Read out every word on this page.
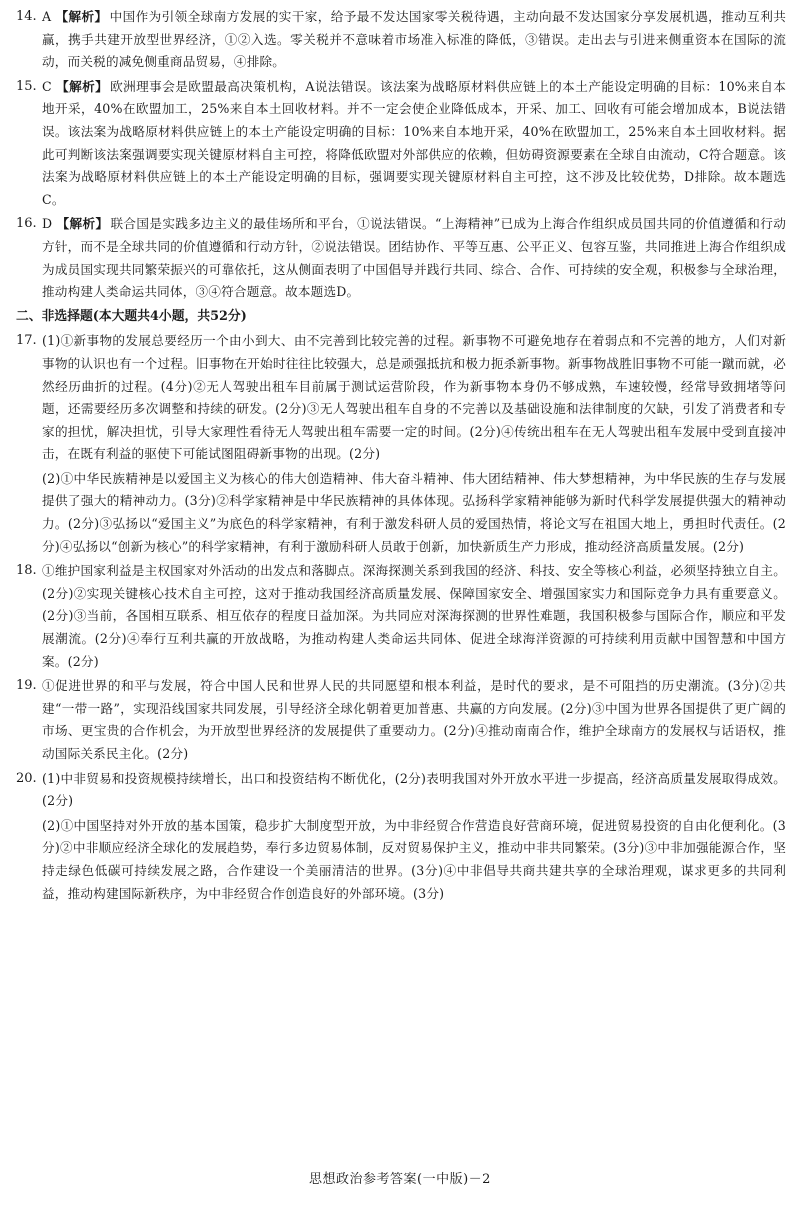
14. A 【解析】 中国作为引领全球南方发展的实干家，给予最不发达国家零关税待遇，主动向最不发达国家分享发展机遇，推动互利共赢，携手共建开放型世界经济，①②入选。零关税并不意味着市场准入标准的降低，③错误。走出去与引进来侧重资本在国际的流动，而关税的减免侧重商品贸易，④排除。
15. C 【解析】 欧洲理事会是欧盟最高决策机构，A说法错误。该法案为战略原材料供应链上的本土产能设定明确的目标：10%来自本地开采，40%在欧盟加工，25%来自本土回收材料。并不一定会使企业降低成本，开采、加工、回收有可能会增加成本，B说法错误。该法案为战略原材料供应链上的本土产能设定明确的目标：10%来自本地开采，40%在欧盟加工，25%来自本土回收材料。据此可判断该法案强调要实现关键原材料自主可控，将降低欧盟对外部供应的依赖，但妨碍资源要素在全球自由流动，C符合题意。该法案为战略原材料供应链上的本土产能设定明确的目标，强调要实现关键原材料自主可控，这不涉及比较优势，D排除。故本题选C。
16. D 【解析】 联合国是实践多边主义的最佳场所和平台，①说法错误。“上海精神”已成为上海合作组织成员国共同的价值遵循和行动方针，而不是全球共同的价值遵循和行动方针，②说法错误。团结协作、平等互惠、公平正义、包容互鉴，共同推进上海合作组织成为成员国实现共同繁荣振兴的可靠依托，这从侧面表明了中国倡导并践行共同、综合、合作、可持续的安全观，积极参与全球治理，推动构建人类命运共同体，③④符合题意。故本题选D。
二、非选择题(本大题共4小题，共52分)
17. (1)①新事物的发展总要经历一个由小到大、由不完善到比较完善的过程。新事物不可避免地存在着弱点和不完善的地方，人们对新事物的认识也有一个过程。旧事物在开始时往往比较强大，总是顽强抵抗和极力扼杀新事物。新事物战胜旧事物不可能一蹴而就，必然经历曲折的过程。(4分)②无人驾驶出租车目前属于测试运营阶段，作为新事物本身仍不够成熟，车速较慢，经常导致拥堵等问题，还需要经历多次调整和持续的研发。(2分)③无人驾驶出租车自身的不完善以及基础设施和法律制度的欠缺，引发了消费者和专家的担忧，解决担忧，引导大家理性看待无人驾驶出租车需要一定的时间。(2分)④传统出租车在无人驾驶出租车发展中受到直接冲击，在既有利益的驱使下可能试图阻碍新事物的出现。(2分)
(2)①中华民族精神是以爱国主义为核心的伟大创造精神、伟大奋斗精神、伟大团结精神、伟大梦想精神，为中华民族的生存与发展提供了强大的精神动力。(3分)②科学家精神是中华民族精神的具体体现。弘扬科学家精神能够为新时代科学发展提供强大的精神动力。(2分)③弘扬以“爱国主义”为底色的科学家精神，有利于激发科研人员的爱国热情，将论文写在祖国大地上，勇担时代责任。(2分)④弘扬以“创新为核心”的科学家精神，有利于激励科研人员敢于创新，加快新质生产力形成，推动经济高质量发展。(2分)
18. ①维护国家利益是主权国家对外活动的出发点和落脚点。深海探测关系到我国的经济、科技、安全等核心利益，必须坚持独立自主。(2分)②实现关键核心技术自主可控，这对于推动我国经济高质量发展、保障国家安全、增强国家实力和国际竞争力具有重要意义。(2分)③当前，各国相互联系、相互依存的程度日益加深。为共同应对深海探测的世界性难题，我国积极参与国际合作，顺应和平发展潮流。(2分)④奉行互利共赢的开放战略，为推动构建人类命运共同体、促进全球海洋资源的可持续利用贡献中国智慧和中国方案。(2分)
19. ①促进世界的和平与发展，符合中国人民和世界人民的共同愿望和根本利益，是时代的要求，是不可阻挡的历史潮流。(3分)②共建“一带一路”，实现沿线国家共同发展，引导经济全球化朝着更加普惠、共赢的方向发展。(2分)③中国为世界各国提供了更广阔的市场、更宝贵的合作机会，为开放型世界经济的发展提供了重要动力。(2分)④推动南南合作，维护全球南方的发展权与话语权，推动国际关系民主化。(2分)
20. (1)中非贸易和投资规模持续增长，出口和投资结构不断优化，(2分)表明我国对外开放水平进一步提高，经济高质量发展取得成效。(2分)
(2)①中国坚持对外开放的基本国策，稳步扩大制度型开放，为中非经贸合作营造良好营商环境，促进贸易投资的自由化便利化。(3分)②中非顺应经济全球化的发展趋势，奉行多边贸易体制，反对贸易保护主义，推动中非共同繁荣。(3分)③中非加强能源合作，坚持走绿色低碳可持续发展之路，合作建设一个美丽清洁的世界。(3分)④中非倡导共商共建共享的全球治理观，谋求更多的共同利益，推动构建国际新秩序，为中非经贸合作创造良好的外部环境。(3分)
思想政治参考答案(一中版)－2
